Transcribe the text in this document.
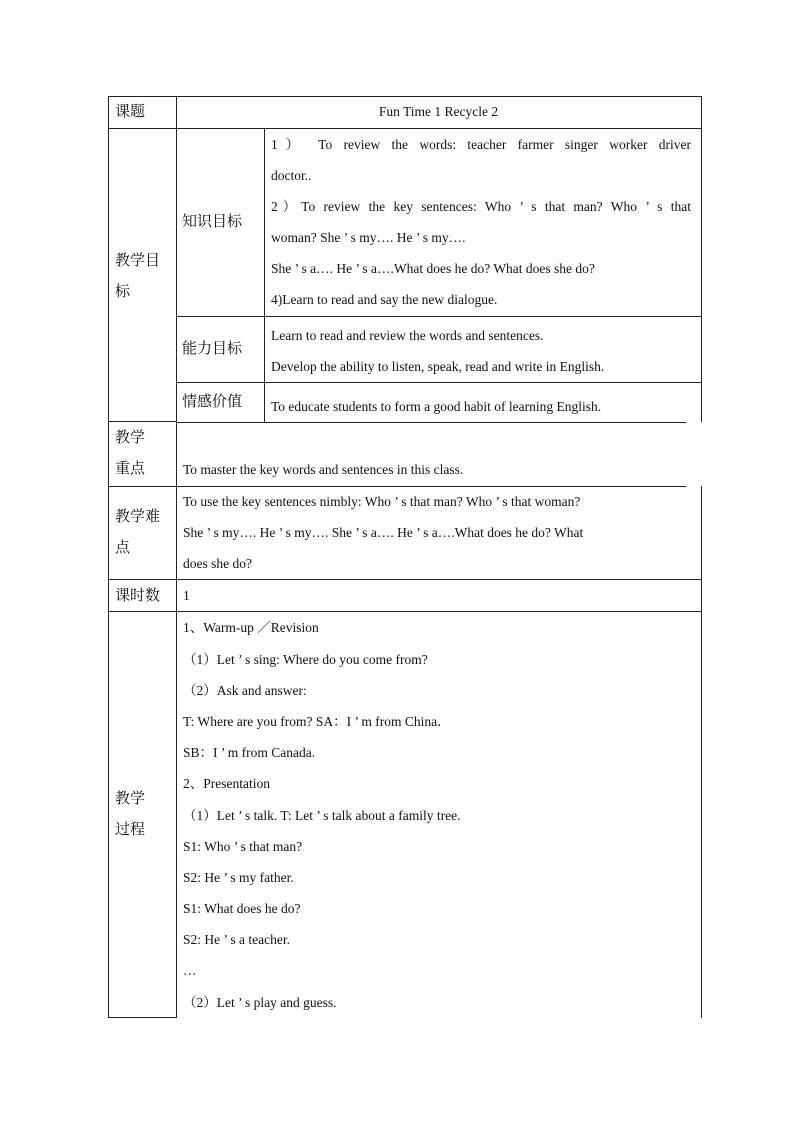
课题	Fun Time 1 Recycle 2
教学目
标
知识目标
1） To review the words: teacher farmer singer worker driver
doctor..
2）To review the key sentences: Who ’ s that man? Who ’ s that
woman? She ’ s my…. He ’ s my….
She ’ s a…. He ’ s a….What does he do? What does she do?
4)Learn to read and say the new dialogue.
能力目标
Learn to read and review the words and sentences.
Develop the ability to listen, speak, read and write in English.
情感价值 To educate students to form a good habit of learning English.
教学
重点	To master the key words and sentences in this class.
教学难
点
To use the key sentences nimbly: Who ’ s that man? Who ’ s that woman?
She ’ s my…. He ’ s my…. She ’ s a…. He ’ s a….What does he do? What
does she do?
课时数 1
教学
过程
1、Warm-up ／Revision
（1）Let ’ s sing: Where do you come from?
（2）Ask and answer:
T: Where are you from? SA：I ’ m from China．
SB：I ’ m from Canada.
2、Presentation
（1）Let ’ s talk. T: Let ’ s talk about a family tree.
S1: Who ’ s that man?
S2: He ’ s my father.
S1: What does he do?
S2: He ’ s a teacher.
…
（2）Let ’ s play and guess.
